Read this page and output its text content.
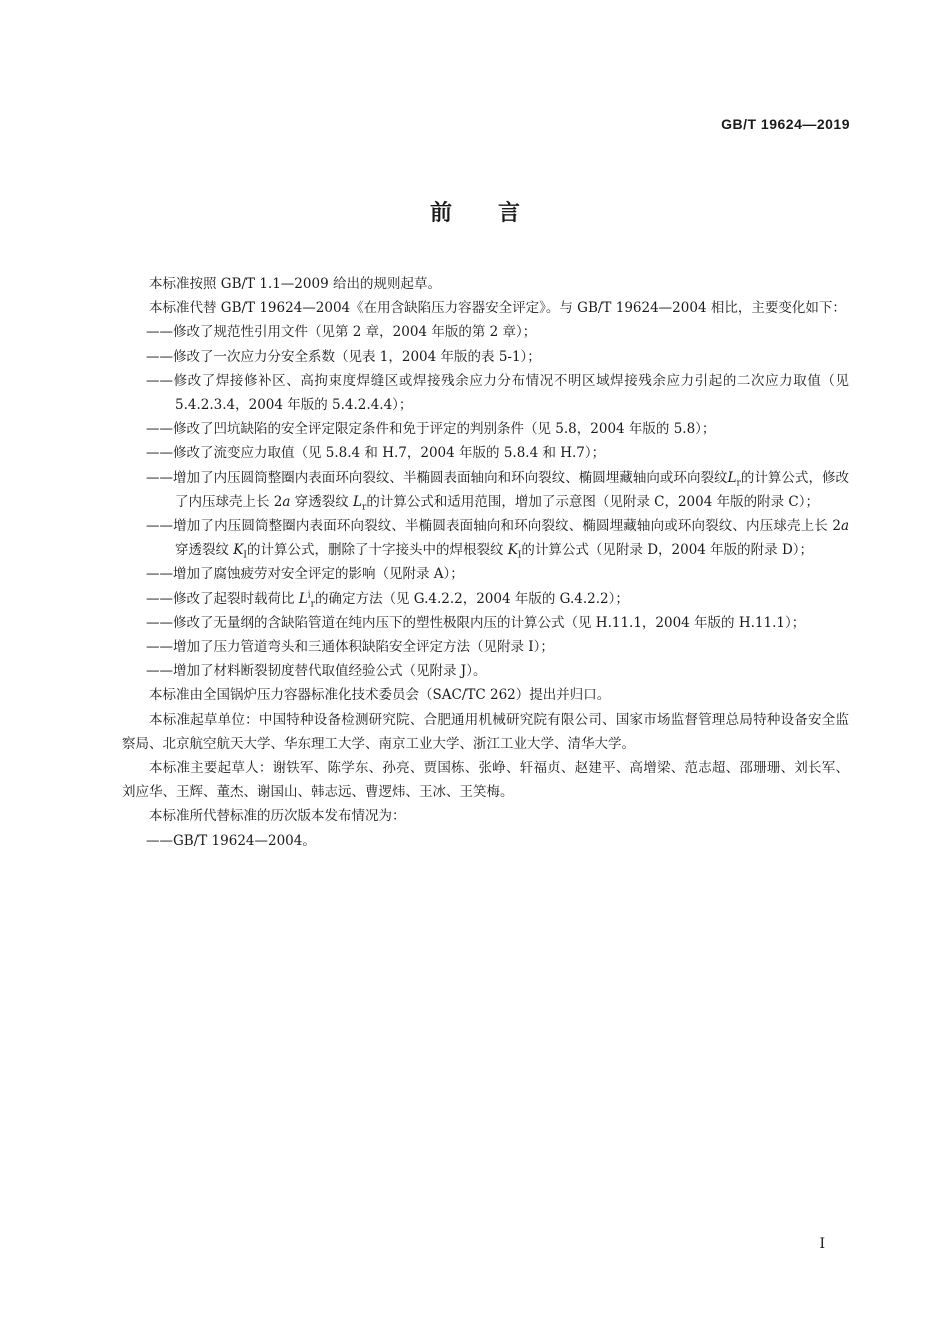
GB/T 19624—2019
前言

本标准按照 GB/T 1.1—2009 给出的规则起草。

本标准代替 GB/T 19624—2004《在用含缺陷压力容器安全评定》。与 GB/T 19624—2004 相比，主要变化如下：

——修改了规范性引用文件（见第 2 章，2004 年版的第 2 章）；

——修改了一次应力分安全系数（见表 1，2004 年版的表 5-1）；

——修改了焊接修补区、高拘束度焊缝区或焊接残余应力分布情况不明区域焊接残余应力引起的二次应力取值（见 5.4.2.3.4，2004 年版的 5.4.2.4.4）；

——修改了凹坑缺陷的安全评定限定条件和免于评定的判别条件（见 5.8，2004 年版的 5.8）；

——修改了流变应力取值（见 5.8.4 和 H.7，2004 年版的 5.8.4 和 H.7）；

——增加了内压圆筒整圈内表面环向裂纹、半椭圆表面轴向和环向裂纹、椭圆埋藏轴向或环向裂纹$L_r$的计算公式，修改了内压球壳上长 2a 穿透裂纹 $L_r$的计算公式和适用范围，增加了示意图（见附录 C，2004 年版的附录 C）；

——增加了内压圆筒整圈内表面环向裂纹、半椭圆表面轴向和环向裂纹、椭圆埋藏轴向或环向裂纹、内压球壳上长 2a 穿透裂纹 $K_I$的计算公式，删除了十字接头中的焊根裂纹 $K_I$的计算公式（见附录 D，2004 年版的附录 D）；

——增加了腐蚀疲劳对安全评定的影响（见附录 A）；

——修改了起裂时载荷比 $L^i_r$的确定方法（见 G.4.2.2，2004 年版的 G.4.2.2）；

——修改了无量纲的含缺陷管道在纯内压下的塑性极限内压的计算公式（见 H.11.1，2004 年版的 H.11.1）；

——增加了压力管道弯头和三通体积缺陷安全评定方法（见附录 I）；

——增加了材料断裂韧度替代取值经验公式（见附录 J）。

本标准由全国锅炉压力容器标准化技术委员会（SAC/TC 262）提出并归口。

本标准起草单位：中国特种设备检测研究院、合肥通用机械研究院有限公司、国家市场监督管理总局特种设备安全监察局、北京航空航天大学、华东理工大学、南京工业大学、浙江工业大学、清华大学。

本标准主要起草人：谢铁军、陈学东、孙亮、贾国栋、张峥、轩福贞、赵建平、高增梁、范志超、邵珊珊、刘长军、刘应华、王辉、董杰、谢国山、韩志远、曹逻炜、王冰、王笑梅。

本标准所代替标准的历次版本发布情况为：

——GB/T 19624—2004。

I
